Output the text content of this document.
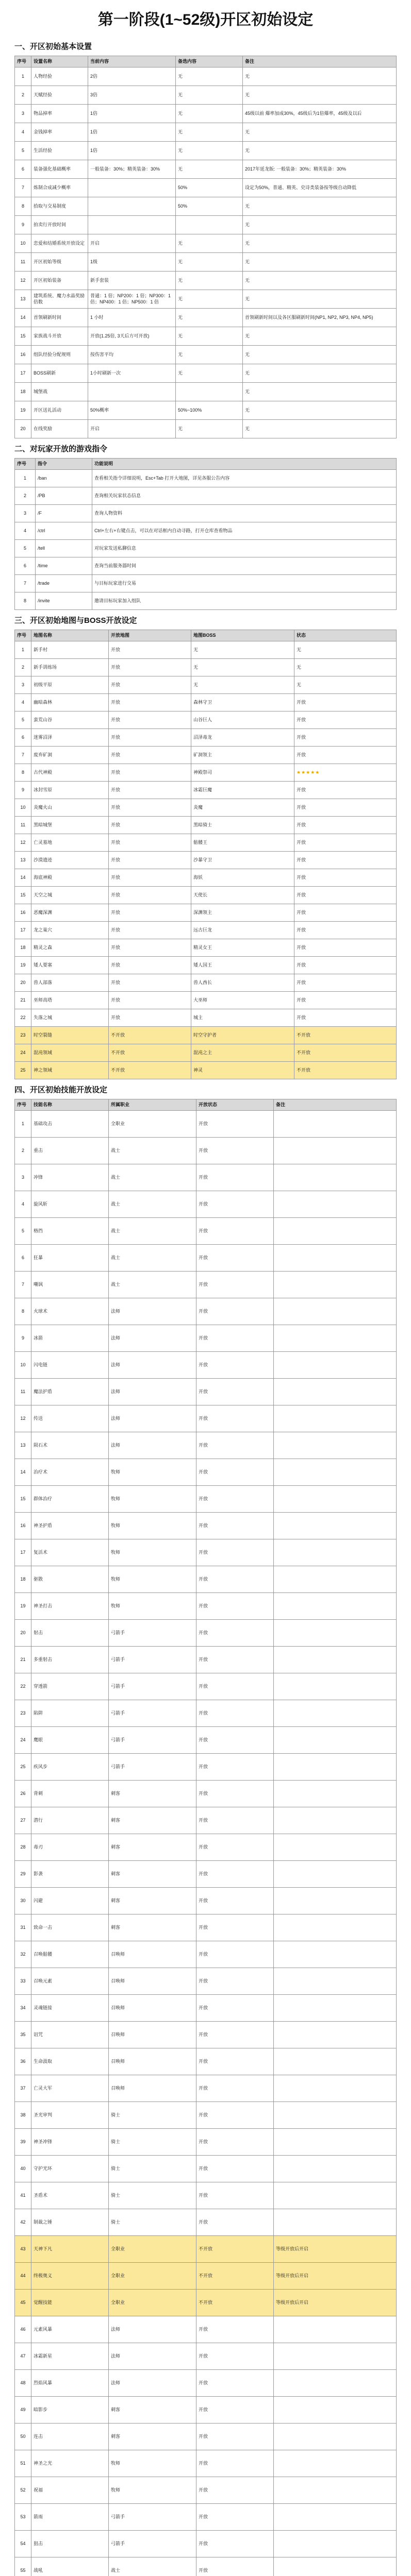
第一阶段(1~52级)开区初始设定
一、开区初始基本设置
序号	设置名称	当前内容	备选内容	备注
1	人物经验	2倍	无	无
2	天赋经验	3倍	无	无
3	物品掉率	1倍	无	45级以前 爆率加成30%，45级后为1倍爆率，45级及以后
4	金钱掉率	1倍	无	无
5	生活经验	1倍	无	无
6	装备强化基础概率	一般装备：30%；精英装备：30%	无	2017年延龙版: 一般装备：30%；精英装备：30%
7	炼制合成减少概率		50%	设定为50%，普通、精英、史诗类装备按等级自动降低
8	拾取与交易制度		50%	无
9	拍卖行开放时间			无
10	恋爱和结婚系统开放设定	开启	无	无
11	开区初始等级	1级	无	无
12	开区初始装备	新手套装	无	无
13	建筑系统、魔力水晶奖励倍数	普通：1 倍；NP200：1 倍；NP300：1 倍；NP400：1 倍；NP500：1 倍	无	无
14	首领刷新时间	1 小时	无	首领刷新时间以及各区服刷新时间(NP1, NP2, NP3, NP4, NP5)
15	家族战斗开放	开放(1.25倍, 3天后方可开放)	无	无
16	组队经验分配规则	按伤害平均	无	无
17	BOSS刷新	1小时刷新一次	无	无
18	城堡战			无
19	开区送礼活动	50%概率	50%~100%	无
20	在线奖励	开启	无	无
二、对玩家开放的游戏指令
序号	指令	功能说明
1	/ban	查看相关指令详细说明，Esc+Tab 打开大地图，详见各服公告内容
2	/PB	查询相关玩家状态信息
3	/F	查询人物资料
4	/ctrl	Ctrl+左右+右键点击，可以在对话框内自动寻路，打开仓库查看物品
5	/tell	对玩家发送私聊信息
6	/time	查询当前服务器时间
7	/trade	与目标玩家进行交易
8	/invite	邀请目标玩家加入组队
三、开区初始地图与BOSS开放设定
序号	地图名称	开放地图	地图BOSS	状态
1	新手村	开放	无	无
2	新手训练场	开放	无	无
3	初级平原	开放	无	无
4	幽暗森林	开放	森林守卫	开放
5	蛮荒山谷	开放	山谷巨人	开放
6	迷雾沼泽	开放	沼泽毒龙	开放
7	废弃矿洞	开放	矿洞领主	开放
8	古代神殿	开放	神殿祭司	★★★★★
9	冰封雪原	开放	冰霜巨魔	开放
10	炎魔火山	开放	炎魔	开放
11	黑暗城堡	开放	黑暗骑士	开放
12	亡灵墓地	开放	骷髅王	开放
13	沙漠遗迹	开放	沙暴守卫	开放
14	海底神殿	开放	海妖	开放
15	天空之城	开放	天使长	开放
16	恶魔深渊	开放	深渊领主	开放
17	龙之巢穴	开放	远古巨龙	开放
18	精灵之森	开放	精灵女王	开放
19	矮人要塞	开放	矮人国王	开放
20	兽人部落	开放	兽人酋长	开放
21	巫师高塔	开放	大巫师	开放
22	失落之城	开放	城主	开放
23	时空裂缝	不开放	时空守护者	不开放
24	混沌领域	不开放	混沌之主	不开放
25	神之领域	不开放	神灵	不开放
四、开区初始技能开放设定
序号	技能名称	所属职业	开放状态	备注
1	基础攻击	全职业	开放	
2	重击	战士	开放	
3	冲锋	战士	开放	
4	旋风斩	战士	开放	
5	格挡	战士	开放	
6	狂暴	战士	开放	
7	嘲讽	战士	开放	
8	火球术	法师	开放	
9	冰箭	法师	开放	
10	闪电链	法师	开放	
11	魔法护盾	法师	开放	
12	传送	法师	开放	
13	陨石术	法师	开放	
14	治疗术	牧师	开放	
15	群体治疗	牧师	开放	
16	神圣护盾	牧师	开放	
17	复活术	牧师	开放	
18	驱散	牧师	开放	
19	神圣打击	牧师	开放	
20	射击	弓箭手	开放	
21	多重射击	弓箭手	开放	
22	穿透箭	弓箭手	开放	
23	陷阱	弓箭手	开放	
24	鹰眼	弓箭手	开放	
25	疾风步	弓箭手	开放	
26	背刺	刺客	开放	
27	潜行	刺客	开放	
28	毒刃	刺客	开放	
29	影袭	刺客	开放	
30	闪避	刺客	开放	
31	致命一击	刺客	开放	
32	召唤骷髅	召唤师	开放	
33	召唤元素	召唤师	开放	
34	灵魂链接	召唤师	开放	
35	诅咒	召唤师	开放	
36	生命汲取	召唤师	开放	
37	亡灵大军	召唤师	开放	
38	圣光审判	骑士	开放	
39	神圣冲锋	骑士	开放	
40	守护光环	骑士	开放	
41	圣盾术	骑士	开放	
42	制裁之锤	骑士	开放	
43	天神下凡	全职业	不开放	等级开放后开启
44	终极奥义	全职业	不开放	等级开放后开启
45	觉醒技能	全职业	不开放	等级开放后开启
46	元素风暴	法师	开放	
47	冰霜新星	法师	开放	
48	烈焰风暴	法师	开放	
49	暗影步	刺客	开放	
50	连击	刺客	开放	
51	神圣之光	牧师	开放	
52	祝福	牧师	开放	
53	箭雨	弓箭手	开放	
54	狙击	弓箭手	开放	
55	战吼	战士	开放	
